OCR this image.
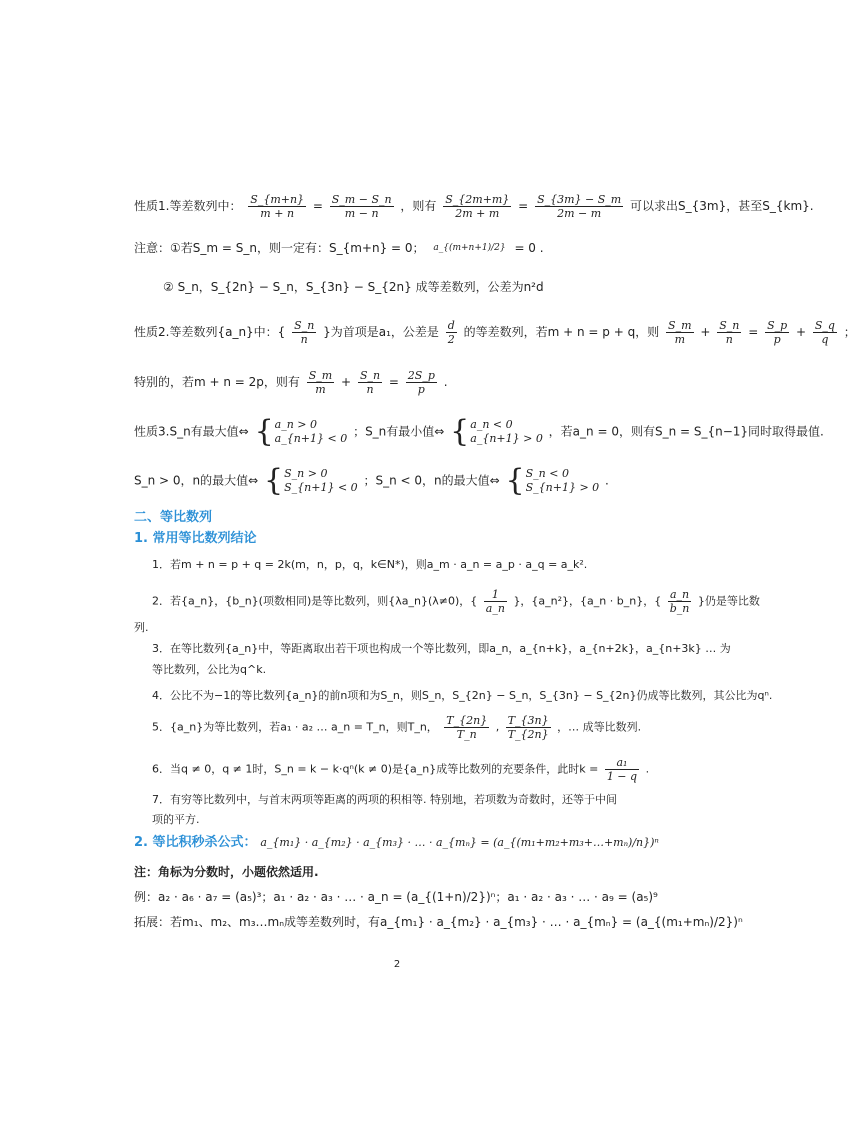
性质1.等差数列中： $\frac{S\_\{m+n\}}{m + n} = \frac{S\_m - S\_n}{m - n}$ ，则有 $\frac{S\_\{2m+m\}}{2m + m} = \frac{S\_\{3m\} - S\_m}{2m - m}$ 可以求出S_{3m}，甚至S_{km}.
注意：①若S_m = S_n，则一定有：S_{m+n} = 0； a_{(m+n+1)/2} = 0 .
② S_n，S_{2n} − S_n，S_{3n} − S_{2n} 成等差数列，公差为n²d
性质2.等差数列{a_n}中：{ $\frac{S\_n}{n}$ }为首项是a₁，公差是 $\frac{d}{2}$ 的等差数列，若m + n = p + q，则 $\frac{S\_m}{m} + \frac{S\_n}{n} = \frac{S\_p}{p} + \frac{S\_q}{q}$ ；
特别的，若m + n = 2p，则有 $\frac{S\_m}{m} + \frac{S\_n}{n} = \frac{2S\_p}{p}$ .
性质3.S_n有最大值⇔ { a_n > 0
a_{n+1} < 0 ；S_n有最小值⇔ { a_n < 0
a_{n+1} > 0 ，若a_n = 0，则有S_n = S_{n−1}同时取得最值.
S_n > 0，n的最大值⇔ { S_n > 0
S_{n+1} < 0 ；S_n < 0，n的最大值⇔ { S_n < 0
S_{n+1} > 0 .
二、等比数列
1. 常用等比数列结论
1．若m + n = p + q = 2k(m，n，p，q，k∈N*)，则a_m · a_n = a_p · a_q = a_k².
2．若{a_n}，{b_n}(项数相同)是等比数列，则{λa_n}(λ≠0)，{ $\frac{1}{a\_n}$ }，{a_n²}，{a_n · b_n}，{ $\frac{a\_n}{b\_n}$ }仍是等比数
列.
3．在等比数列{a_n}中，等距离取出若干项也构成一个等比数列，即a_n，a_{n+k}，a_{n+2k}，a_{n+3k} … 为
等比数列，公比为q^k.
4．公比不为−1的等比数列{a_n}的前n项和为S_n，则S_n，S_{2n} − S_n，S_{3n} − S_{2n}仍成等比数列，其公比为qⁿ.
5．{a_n}为等比数列，若a₁ · a₂ … a_n = T_n，则T_n， $\frac{T\_\{2n\}}{T\_n}$ , $\frac{T\_\{3n\}}{T\_\{2n\}}$ ，… 成等比数列.
6．当q ≠ 0，q ≠ 1时，S_n = k − k·qⁿ(k ≠ 0)是{a_n}成等比数列的充要条件，此时$k = \frac{\text{a₁}}{1 - q}$ .
7．有穷等比数列中，与首末两项等距离的两项的积相等. 特别地，若项数为奇数时，还等于中间
项的平方.
2. 等比积秒杀公式： a_{m₁} · a_{m₂} · a_{m₃} · … · a_{mₙ} = (a_{(m₁+m₂+m₃+…+mₙ)/n})ⁿ
注：角标为分数时，小题依然适用.
例：a₂ · a₆ · a₇ = (a₅)³；a₁ · a₂ · a₃ · … · a_n = (a_{(1+n)/2})ⁿ；a₁ · a₂ · a₃ · … · a₉ = (a₅)⁹
拓展：若m₁、m₂、m₃…mₙ成等差数列时，有a_{m₁} · a_{m₂} · a_{m₃} · … · a_{mₙ} = (a_{(m₁+mₙ)/2})ⁿ
2
